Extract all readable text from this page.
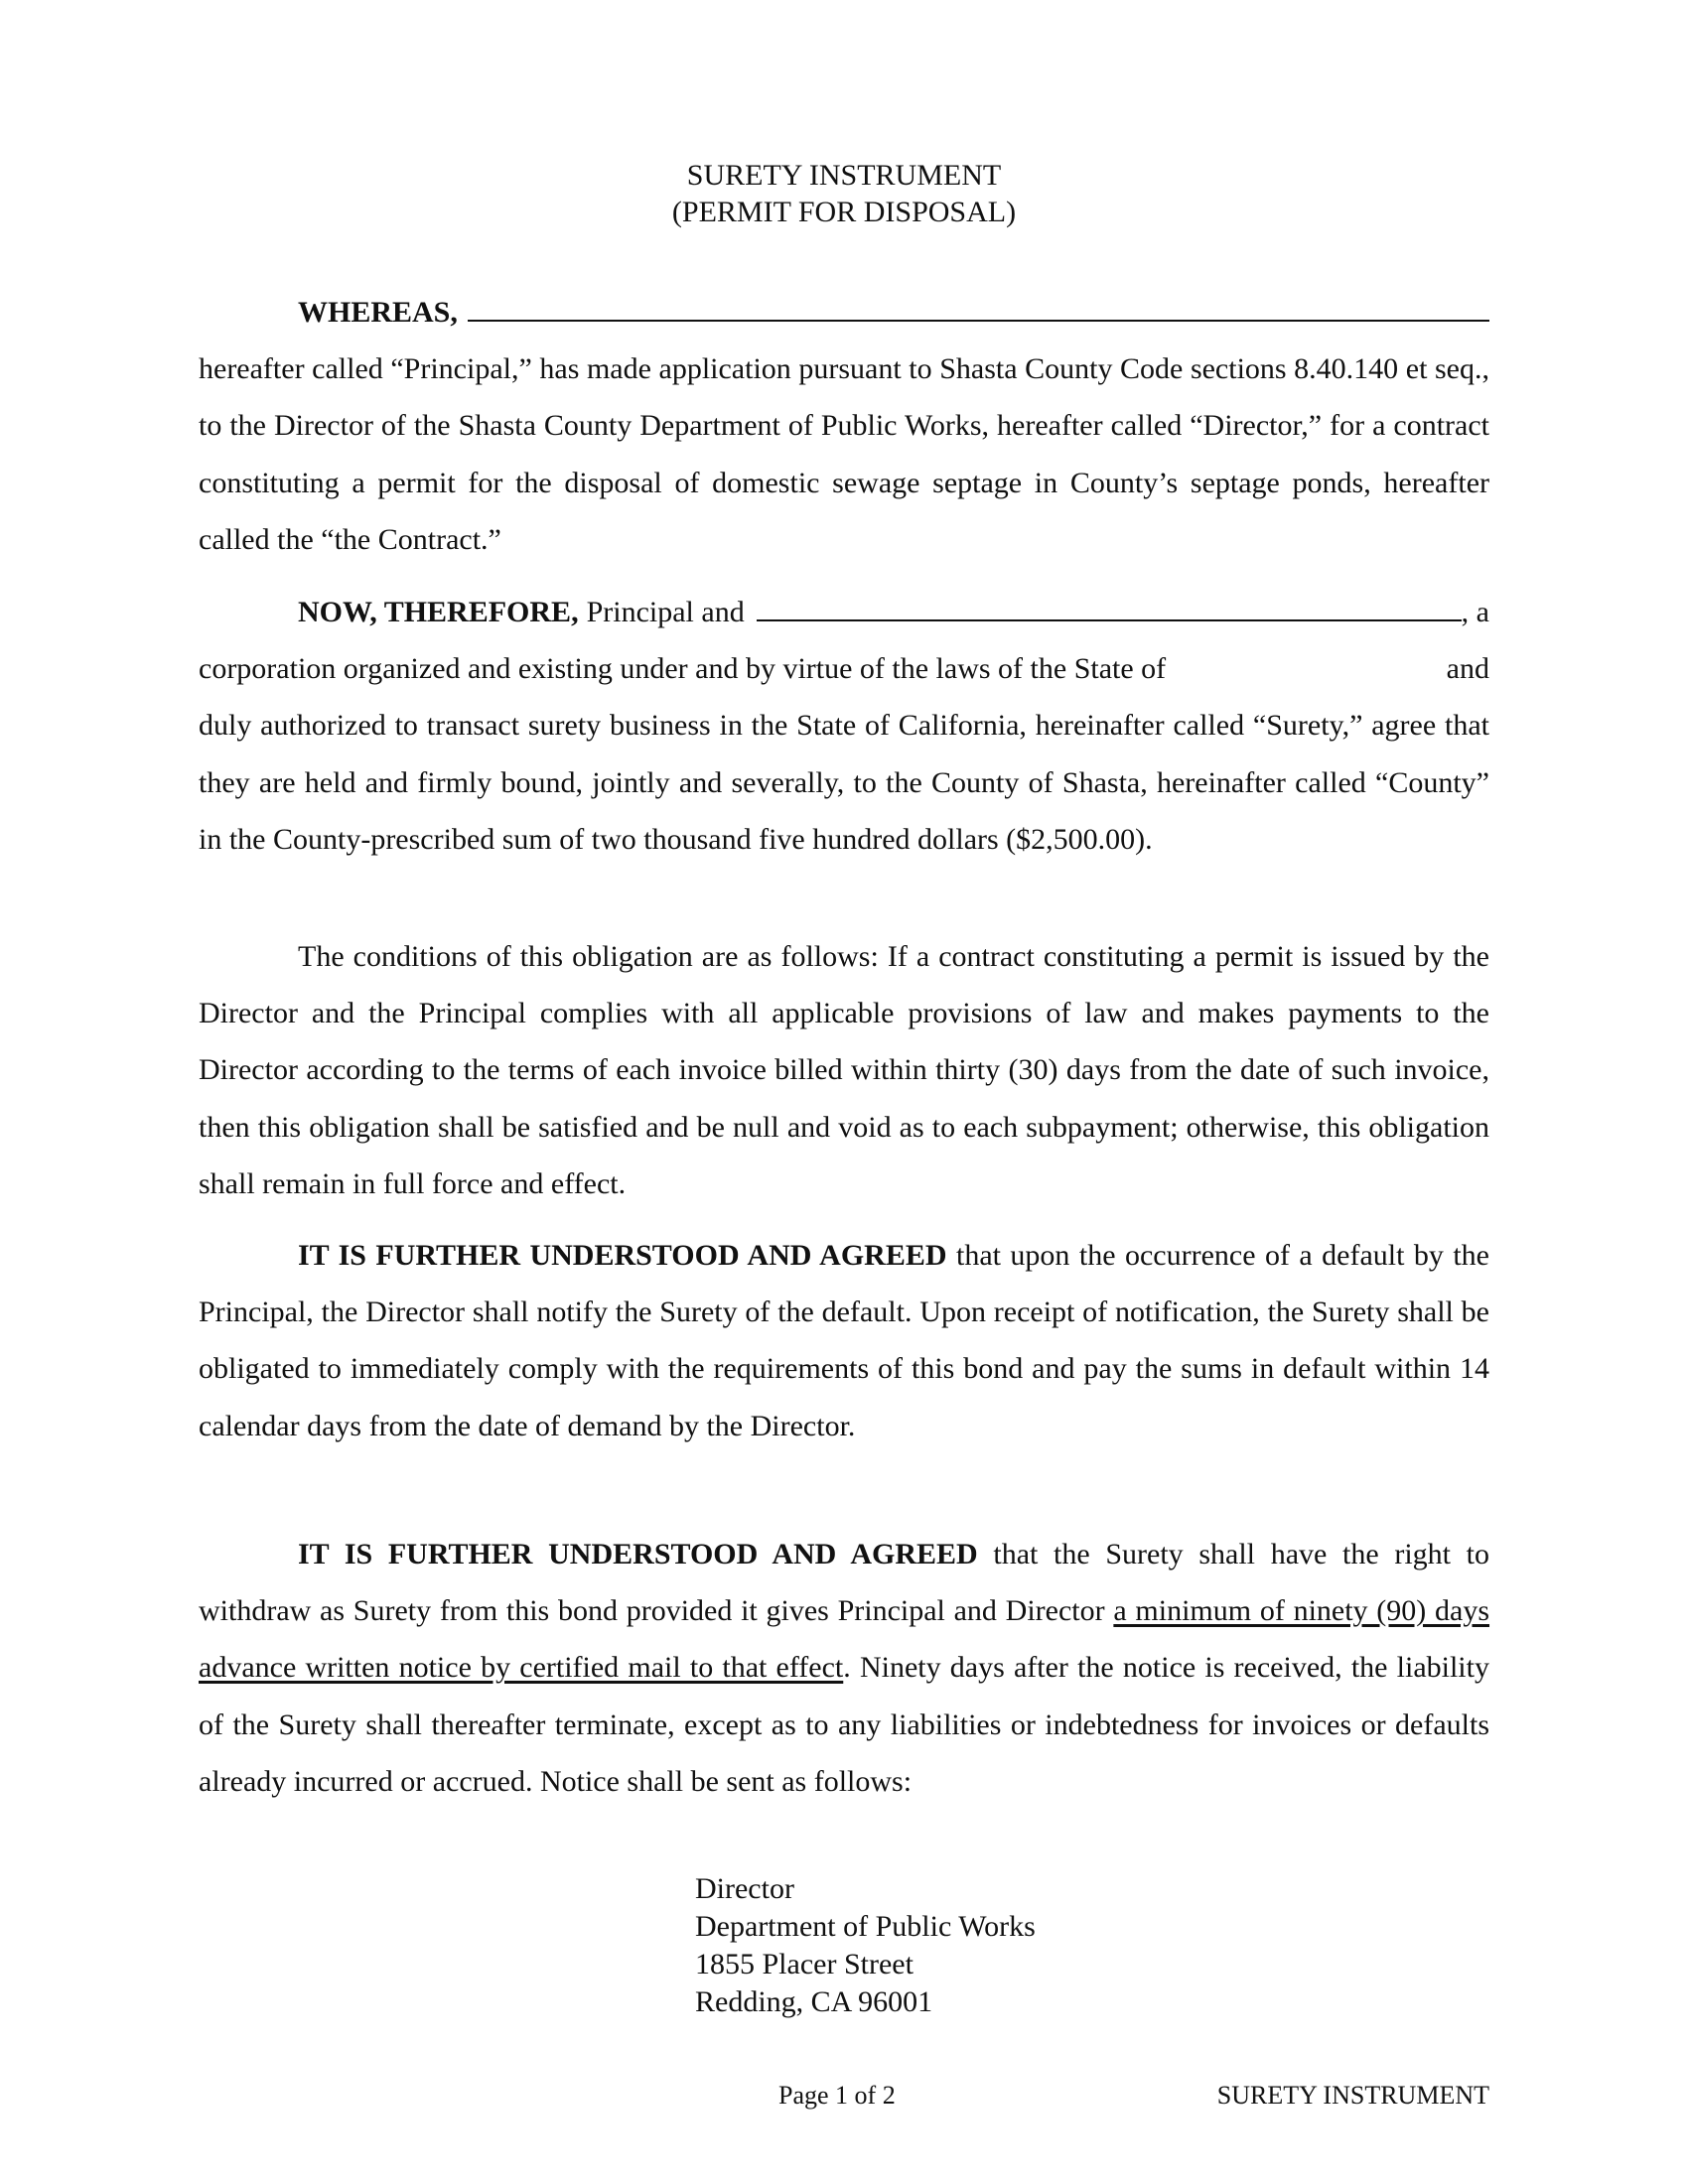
SURETY INSTRUMENT
(PERMIT FOR DISPOSAL)
WHEREAS,
hereafter called “Principal,” has made application pursuant to Shasta County Code sections 8.40.140 et seq., to the Director of the Shasta County Department of Public Works, hereafter called “Director,” for a contract constituting a permit for the disposal of domestic sewage septage in County’s septage ponds, hereafter called the “the Contract.”
NOW, THEREFORE, Principal and	, a
corporation organized and existing under and by virtue of the laws of the State of	and
duly authorized to transact surety business in the State of California, hereinafter called “Surety,” agree that they are held and firmly bound, jointly and severally, to the County of Shasta, hereinafter called “County” in the County-prescribed sum of two thousand five hundred dollars ($2,500.00).
The conditions of this obligation are as follows: If a contract constituting a permit is issued by the Director and the Principal complies with all applicable provisions of law and makes payments to the Director according to the terms of each invoice billed within thirty (30) days from the date of such invoice, then this obligation shall be satisfied and be null and void as to each subpayment; otherwise, this obligation shall remain in full force and effect.
IT IS FURTHER UNDERSTOOD AND AGREED that upon the occurrence of a default by the Principal, the Director shall notify the Surety of the default. Upon receipt of notification, the Surety shall be obligated to immediately comply with the requirements of this bond and pay the sums in default within 14 calendar days from the date of demand by the Director.
IT IS FURTHER UNDERSTOOD AND AGREED that the Surety shall have the right to withdraw as Surety from this bond provided it gives Principal and Director a minimum of ninety (90) days advance written notice by certified mail to that effect. Ninety days after the notice is received, the liability of the Surety shall thereafter terminate, except as to any liabilities or indebtedness for invoices or defaults already incurred or accrued. Notice shall be sent as follows:
Director
Department of Public Works
1855 Placer Street
Redding, CA 96001
Page 1 of 2	SURETY INSTRUMENT
